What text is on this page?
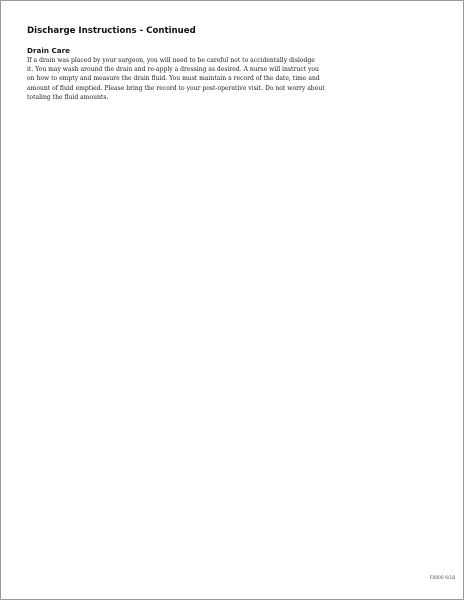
Discharge Instructions - Continued
Drain Care

If a drain was placed by your surgeon, you will need to be careful not to accidentally dislodge
it. You may wash around the drain and re-apply a dressing as desired. A nurse will instruct you
on how to empty and measure the drain fluid. You must maintain a record of the date, time and
amount of fluid emptied. Please bring the record to your post-operative visit. Do not worry about
totaling the fluid amounts.

F0000 6/18
